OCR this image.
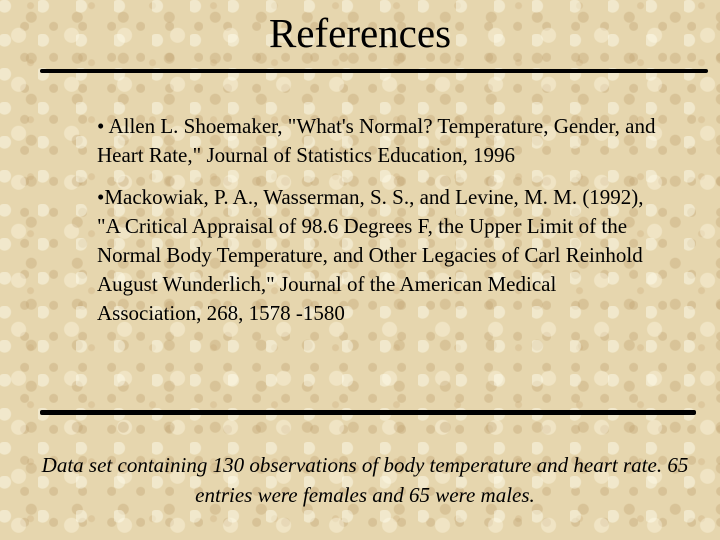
References

• Allen L. Shoemaker, "What's Normal? Temperature, Gender, and Heart Rate," Journal of Statistics Education, 1996

•Mackowiak, P. A., Wasserman, S. S., and Levine, M. M. (1992), "A Critical Appraisal of 98.6 Degrees F, the Upper Limit of the Normal Body Temperature, and Other Legacies of Carl Reinhold August Wunderlich," Journal of the American Medical Association, 268, 1578 -1580

Data set containing 130 observations of body temperature and heart rate. 65 entries were females and 65 were males.
